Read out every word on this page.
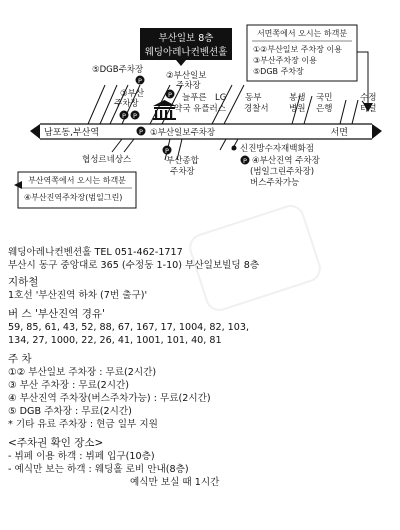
부산일보 8층
웨딩아레나컨벤션홀
서면쪽에서 오시는 하객분
①②부산일보 주차장 이용
③부산주차장 이용
⑤DGB 주차장
부산역쪽에서 오시는 하객분
④부산진역주차장(범일그린)
남포동,부산역	서면
①부산일보주차장
P
P
P P
P
P
P
⑤DGB주차장
③부산 주차장
②부산일보 주차장
늘푸른 LG
약국 유플러스
동부 경찰서
봉생 병원
국민 은행
수정 터널
협성르네상스	부산종합 주차장
신진방수자재백화점
④부산진역 주차장 (범일그린주차장) 버스주차가능
웨딩아레나컨벤션홀 TEL 051-462-1717
부산시 동구 중앙대로 365 (수정동 1-10) 부산일보빌딩 8층
지하철
1호선 '부산진역 하차 (7번 출구)'
버 스 '부산진역 경유'
59, 85, 61, 43, 52, 88, 67, 167, 17, 1004, 82, 103,
134, 27, 1000, 22, 26, 41, 1001, 101, 40, 81
주 차
①② 부산일보 주차장 : 무료(2시간)
③ 부산 주차장 : 무료(2시간)
④ 부산진역 주차장(버스주차가능) : 무료(2시간)
⑤ DGB 주차장 : 무료(2시간)
* 기타 유료 주차장 : 현금 일부 지원
<주차권 확인 장소>
- 뷔페 이용 하객 : 뷔페 입구(10층)
- 예식만 보는 하객 : 웨딩홀 로비 안내(8층)
예식만 보실 때 1시간
